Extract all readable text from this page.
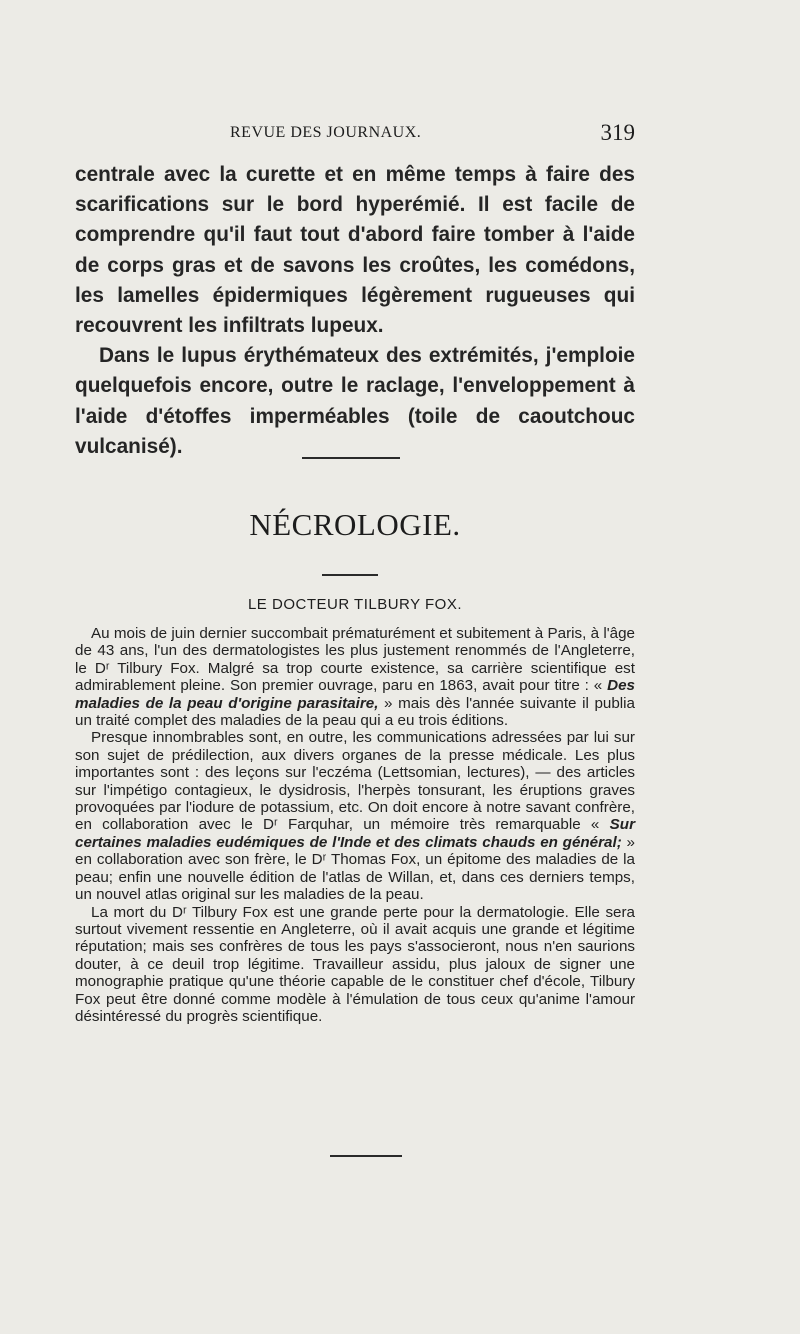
REVUE DES JOURNAUX.	319

centrale avec la curette et en même temps à faire des scarifications sur le bord hyperémié. Il est facile de comprendre qu'il faut tout d'abord faire tomber à l'aide de corps gras et de savons les croûtes, les comédons, les lamelles épidermiques légèrement rugueuses qui recouvrent les infiltrats lupeux.

Dans le lupus érythémateux des extrémités, j'emploie quelquefois encore, outre le raclage, l'enveloppement à l'aide d'étoffes imperméables (toile de caoutchouc vulcanisé).

NÉCROLOGIE.
LE DOCTEUR TILBURY FOX.

Au mois de juin dernier succombait prématurément et subitement à Paris, à l'âge de 43 ans, l'un des dermatologistes les plus justement renommés de l'Angleterre, le Dʳ Tilbury Fox. Malgré sa trop courte existence, sa carrière scientifique est admirablement pleine. Son premier ouvrage, paru en 1863, avait pour titre : « Des maladies de la peau d'origine parasitaire, » mais dès l'année suivante il publia un traité complet des maladies de la peau qui a eu trois éditions.

Presque innombrables sont, en outre, les communications adressées par lui sur son sujet de prédilection, aux divers organes de la presse médicale. Les plus importantes sont : des leçons sur l'eczéma (Lettsomian, lectures), — des articles sur l'impétigo contagieux, le dysidrosis, l'herpès tonsurant, les éruptions graves provoquées par l'iodure de potassium, etc. On doit encore à notre savant confrère, en collaboration avec le Dʳ Farquhar, un mémoire très remarquable « Sur certaines maladies eudémiques de l'Inde et des climats chauds en général; » en collaboration avec son frère, le Dʳ Thomas Fox, un épitome des maladies de la peau; enfin une nouvelle édition de l'atlas de Willan, et, dans ces derniers temps, un nouvel atlas original sur les maladies de la peau.

La mort du Dʳ Tilbury Fox est une grande perte pour la dermatologie. Elle sera surtout vivement ressentie en Angleterre, où il avait acquis une grande et légitime réputation; mais ses confrères de tous les pays s'associeront, nous n'en saurions douter, à ce deuil trop légitime. Travailleur assidu, plus jaloux de signer une monographie pratique qu'une théorie capable de le constituer chef d'école, Tilbury Fox peut être donné comme modèle à l'émulation de tous ceux qu'anime l'amour désintéressé du progrès scientifique.
